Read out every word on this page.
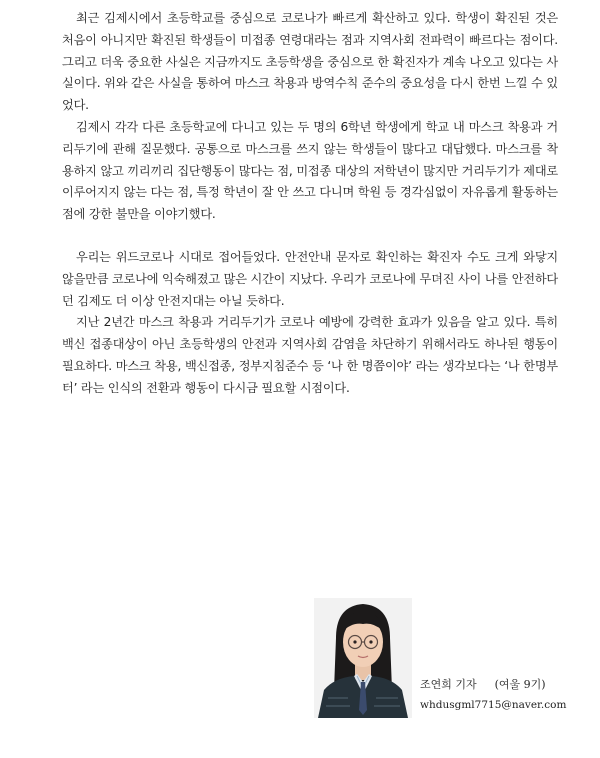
최근 김제시에서 초등학교를 중심으로 코로나가 빠르게 확산하고 있다. 학생이 확진된 것은 처음이 아니지만 확진된 학생들이 미접종 연령대라는 점과 지역사회 전파력이 빠르다는 점이다. 그리고 더욱 중요한 사실은 지금까지도 초등학생을 중심으로 한 확진자가 계속 나오고 있다는 사실이다. 위와 같은 사실을 통하여 마스크 착용과 방역수칙 준수의 중요성을 다시 한번 느낄 수 있었다.

김제시 각각 다른 초등학교에 다니고 있는 두 명의 6학년 학생에게 학교 내 마스크 착용과 거리두기에 관해 질문했다. 공통으로 마스크를 쓰지 않는 학생들이 많다고 대답했다. 마스크를 착용하지 않고 끼리끼리 집단행동이 많다는 점, 미접종 대상의 저학년이 많지만 거리두기가 제대로 이루어지지 않는 다는 점, 특정 학년이 잘 안 쓰고 다니며 학원 등 경각심없이 자유롭게 활동하는 점에 강한 불만을 이야기했다.

우리는 위드코로나 시대로 접어들었다. 안전안내 문자로 확인하는 확진자 수도 크게 와닿지 않을만큼 코로나에 익숙해졌고 많은 시간이 지났다. 우리가 코로나에 무뎌진 사이 나를 안전하다던 김제도 더 이상 안전지대는 아닐 듯하다.

지난 2년간 마스크 착용과 거리두기가 코로나 예방에 강력한 효과가 있음을 알고 있다. 특히 백신 접종대상이 아닌 초등학생의 안전과 지역사회 감염을 차단하기 위해서라도 하나된 행동이 필요하다. 마스크 착용, 백신접종, 정부지침준수 등 ‘나 한 명쯤이야’ 라는 생각보다는 ‘나 한명부터’ 라는 인식의 전환과 행동이 다시금 필요할 시점이다.

조연희 기자 (여울 9기)
whdusgml7715@naver.com
